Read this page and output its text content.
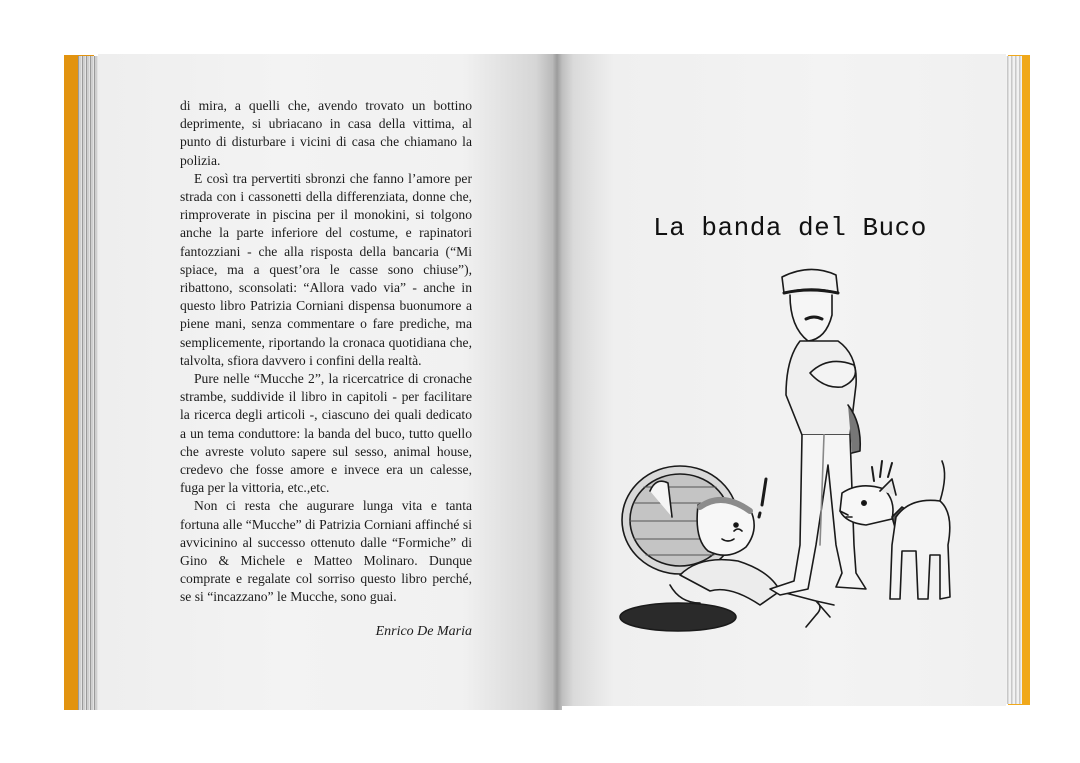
di mira, a quelli che, avendo trovato un bottino deprimente, si ubriacano in casa della vittima, al punto di disturbare i vicini di casa che chiamano la polizia.

E così tra pervertiti sbronzi che fanno l’amore per strada con i cassonetti della differenziata, donne che, rimproverate in piscina per il monokini, si tolgono anche la parte inferiore del costume, e rapinatori fantozziani - che alla risposta della bancaria (“Mi spiace, ma a quest’ora le casse sono chiuse”), ribattono, sconsolati: “Allora vado via” - anche in questo libro Patrizia Corniani dispensa buonumore a piene mani, senza commentare o fare prediche, ma semplicemente, riportando la cronaca quotidiana che, talvolta, sfiora davvero i confini della realtà.

Pure nelle “Mucche 2”, la ricercatrice di cronache strambe, suddivide il libro in capitoli - per facilitare la ricerca degli articoli -, ciascuno dei quali dedicato a un tema conduttore: la banda del buco, tutto quello che avreste voluto sapere sul sesso, animal house, credevo che fosse amore e invece era un calesse, fuga per la vittoria, etc.,etc.

Non ci resta che augurare lunga vita e tanta fortuna alle “Mucche” di Patrizia Corniani affinché si avvicinino al successo ottenuto dalle “Formiche” di Gino & Michele e Matteo Molinaro. Dunque comprate e regalate col sorriso questo libro perché, se si “incazzano” le Mucche, sono guai.

Enrico De Maria
La banda del Buco
